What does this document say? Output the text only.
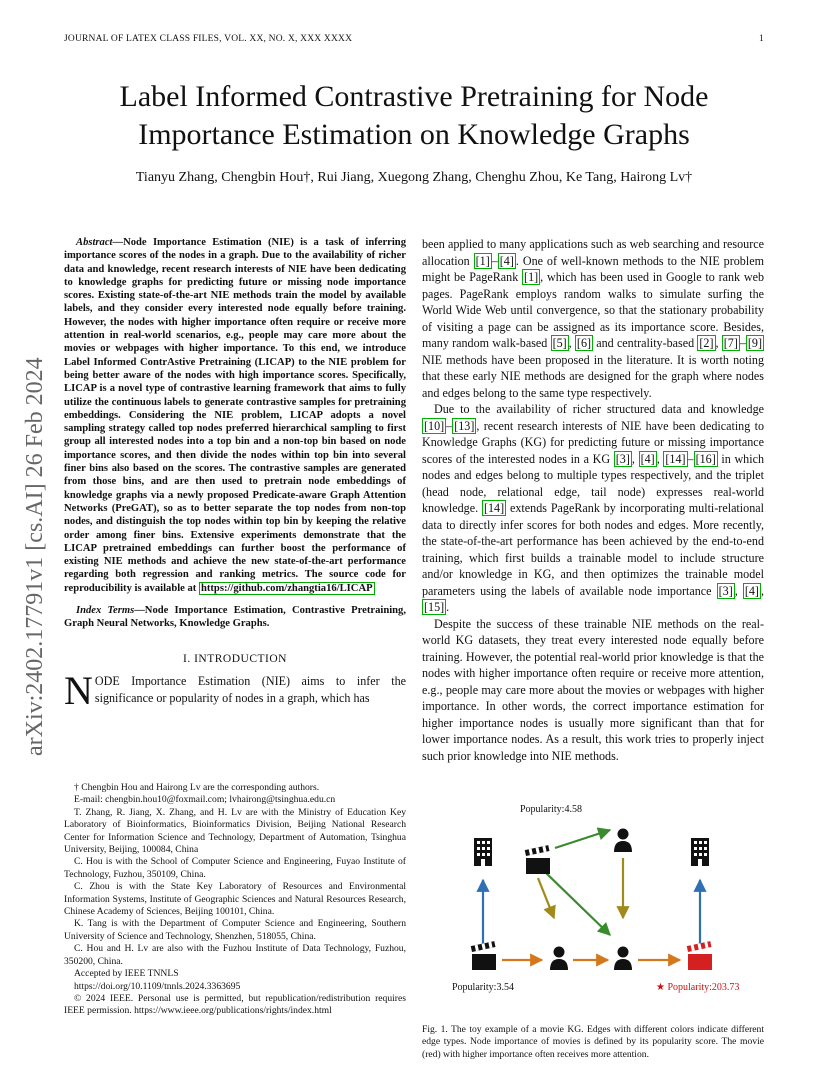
JOURNAL OF LATEX CLASS FILES, VOL. XX, NO. X, XXX XXXX	1
Label Informed Contrastive Pretraining for Node
Importance Estimation on Knowledge Graphs
Tianyu Zhang, Chengbin Hou†, Rui Jiang, Xuegong Zhang, Chenghu Zhou, Ke Tang, Hairong Lv†
arXiv:2402.17791v1 [cs.AI] 26 Feb 2024

Abstract—Node Importance Estimation (NIE) is a task of inferring importance scores of the nodes in a graph. Due to the availability of richer data and knowledge, recent research interests of NIE have been dedicating to knowledge graphs for predicting future or missing node importance scores. Existing state-of-the-art NIE methods train the model by available labels, and they consider every interested node equally before training. However, the nodes with higher importance often require or receive more attention in real-world scenarios, e.g., people may care more about the movies or webpages with higher importance. To this end, we introduce Label Informed ContrAstive Pretraining (LICAP) to the NIE problem for being better aware of the nodes with high importance scores. Specifically, LICAP is a novel type of contrastive learning framework that aims to fully utilize the continuous labels to generate contrastive samples for pretraining embeddings. Considering the NIE problem, LICAP adopts a novel sampling strategy called top nodes preferred hierarchical sampling to first group all interested nodes into a top bin and a non-top bin based on node importance scores, and then divide the nodes within top bin into several finer bins also based on the scores. The contrastive samples are generated from those bins, and are then used to pretrain node embeddings of knowledge graphs via a newly proposed Predicate-aware Graph Attention Networks (PreGAT), so as to better separate the top nodes from non-top nodes, and distinguish the top nodes within top bin by keeping the relative order among finer bins. Extensive experiments demonstrate that the LICAP pretrained embeddings can further boost the performance of existing NIE methods and achieve the new state-of-the-art performance regarding both regression and ranking metrics. The source code for reproducibility is available at https://github.com/zhangtia16/LICAP

Index Terms—Node Importance Estimation, Contrastive Pretraining, Graph Neural Networks, Knowledge Graphs.

I. INTRODUCTION

NODE Importance Estimation (NIE) aims to infer the significance or popularity of nodes in a graph, which has

† Chengbin Hou and Hairong Lv are the corresponding authors.

E-mail: chengbin.hou10@foxmail.com; lvhairong@tsinghua.edu.cn

T. Zhang, R. Jiang, X. Zhang, and H. Lv are with the Ministry of Education Key Laboratory of Bioinformatics, Bioinformatics Division, Beijing National Research Center for Information Science and Technology, Department of Automation, Tsinghua University, Beijing, 100084, China

C. Hou is with the School of Computer Science and Engineering, Fuyao Institute of Technology, Fuzhou, 350109, China.

C. Zhou is with the State Key Laboratory of Resources and Environmental Information Systems, Institute of Geographic Sciences and Natural Resources Research, Chinese Academy of Sciences, Beijing 100101, China.

K. Tang is with the Department of Computer Science and Engineering, Southern University of Science and Technology, Shenzhen, 518055, China.

C. Hou and H. Lv are also with the Fuzhou Institute of Data Technology, Fuzhou, 350200, China.

Accepted by IEEE TNNLS

https://doi.org/10.1109/tnnls.2024.3363695

© 2024 IEEE. Personal use is permitted, but republication/redistribution requires IEEE permission. https://www.ieee.org/publications/rights/index.html

been applied to many applications such as web searching and resource allocation [1] – [4] . One of well-known methods to the NIE problem might be PageRank [1] , which has been used in Google to rank web pages. PageRank employs random walks to simulate surfing the World Wide Web until convergence, so that the stationary probability of visiting a page can be assigned as its importance score. Besides, many random walk-based [5] , [6] and centrality-based [2] , [7] – [9] NIE methods have been proposed in the literature. It is worth noting that these early NIE methods are designed for the graph where nodes and edges belong to the same type respectively.

Due to the availability of richer structured data and knowledge [10] – [13] , recent research interests of NIE have been dedicating to Knowledge Graphs (KG) for predicting future or missing importance scores of the interested nodes in a KG [3] , [4] , [14] – [16] in which nodes and edges belong to multiple types respectively, and the triplet (head node, relational edge, tail node) expresses real-world knowledge. [14] extends PageRank by incorporating multi-relational data to directly infer scores for both nodes and edges. More recently, the state-of-the-art performance has been achieved by the end-to-end training, which first builds a trainable model to include structure and/or knowledge in KG, and then optimizes the trainable model parameters using the labels of available node importance [3] , [4] , [15] .

Despite the success of these trainable NIE methods on the real-world KG datasets, they treat every interested node equally before training. However, the potential real-world prior knowledge is that the nodes with higher importance often require or receive more attention, e.g., people may care more about the movies or webpages with higher importance. In other words, the correct importance estimation for higher importance nodes is usually more significant than that for lower importance nodes. As a result, this work tries to properly inject such prior knowledge into NIE methods.

Popularity:4.58
Popularity:3.54	★ Popularity:203.73
Fig. 1. The toy example of a movie KG. Edges with different colors indicate different edge types. Node importance of movies is defined by its popularity score. The movie (red) with higher importance often receives more attention.
